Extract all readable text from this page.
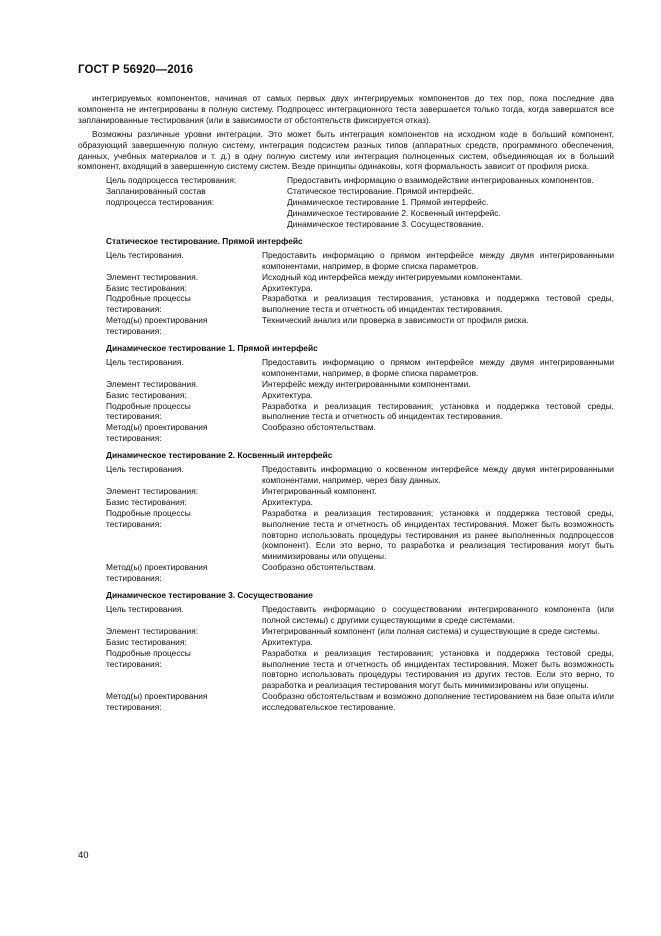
ГОСТ Р 56920—2016

интегрируемых компонентов, начиная от самых первых двух интегрируемых компонентов до тех пор, пока последние два компонента не интегрированы в полную систему. Подпроцесс интеграционного теста завершается только тогда, когда завершатся все запланированные тестирования (или в зависимости от обстоятельств фиксируется отказ).

Возможны различные уровни интеграции. Это может быть интеграция компонентов на исходном коде в больший компонент, образующий завершенную полную систему, интеграция подсистем разных типов (аппаратных средств, программного обеспечения, данных, учебных материалов и т. д.) в одну полную систему или интеграция полноценных систем, объединяющая их в больший компонент, входящий в завершенную систему систем. Везде принципы одинаковы, хотя формальность зависит от профиля риска.

Цель подпроцесса тестирования:	Предоставить информацию о взаимодействии интегрированных компонентов.
Запланированный состав
подпроцесса тестирования:	Статическое тестирование. Прямой интерфейс.
Динамическое тестирование 1. Прямой интерфейс.
Динамическое тестирование 2. Косвенный интерфейс.
Динамическое тестирование 3. Сосуществование.
Статическое тестирование. Прямой интерфейс
Цель тестирования.	Предоставить информацию о прямом интерфейсе между двумя интегрированными компонентами, например, в форме списка параметров.
Элемент тестирования.	Исходный код интерфейса между интегрируемыми компонентами.
Базис тестирования:	Архитектура.
Подробные процессы
тестирования:	Разработка и реализация тестирования, установка и поддержка тестовой среды, выполнение теста и отчетность об инцидентах тестирования.
Метод(ы) проектирования
тестирования:	Технический анализ или проверка в зависимости от профиля риска.
Динамическое тестирование 1. Прямой интерфейс
Цель тестирования.	Предоставить информацию о прямом интерфейсе между двумя интегрированными компонентами, например, в форме списка параметров.
Элемент тестирования.	Интерфейс между интегрированными компонентами.
Базис тестирования:	Архитектура.
Подробные процессы
тестирования:	Разработка и реализация тестирования; установка и поддержка тестовой среды, выполнение теста и отчетность об инцидентах тестирования.
Метод(ы) проектирования
тестирования:	Сообразно обстоятельствам.
Динамическое тестирование 2. Косвенный интерфейс
Цель тестирования.	Предоставить информацию о косвенном интерфейсе между двумя интегрированными компонентами, например, через базу данных.
Элемент тестирования:	Интегрированный компонент.
Базис тестирования:	Архитектура.
Подробные процессы
тестирования:	Разработка и реализация тестирования; установка и поддержка тестовой среды, выполнение теста и отчетность об инцидентах тестирования. Может быть возможность повторно использовать процедуры тестирования из ранее выполненных подпроцессов (компонент). Если это верно, то разработка и реализация тестирования могут быть минимизированы или опущены.
Метод(ы) проектирования
тестирования:	Сообразно обстоятельствам.
Динамическое тестирование 3. Сосуществование
Цель тестирования.	Предоставить информацию о сосуществовании интегрированного компонента (или полной системы) с другими существующими в среде системами.
Элемент тестирования:	Интегрированный компонент (или полная система) и существующие в среде системы.
Базис тестирования:	Архитектура.
Подробные процессы
тестирования:	Разработка и реализация тестирования; установка и поддержка тестовой среды, выполнение теста и отчетность об инцидентах тестирования. Может быть возможность повторно использовать процедуры тестирования из других тестов. Если это верно, то разработка и реализация тестирования могут быть минимизированы или опущены.
Метод(ы) проектирования
тестирования:	Сообразно обстоятельствам и возможно дополнение тестированием на базе опыта и/или исследовательское тестирование.
40
